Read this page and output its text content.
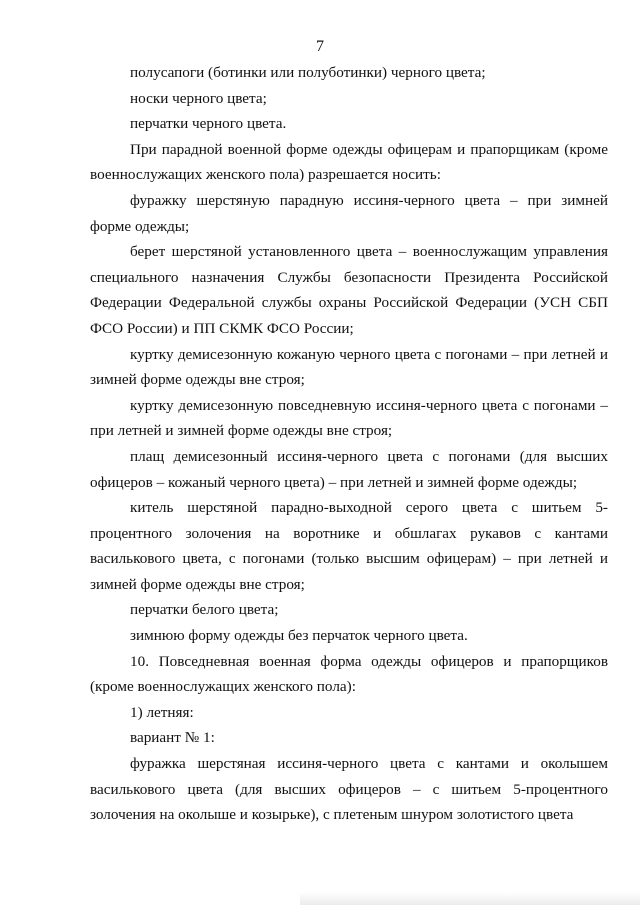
7

полусапоги (ботинки или полуботинки) черного цвета;

носки черного цвета;

перчатки черного цвета.

При парадной военной форме одежды офицерам и прапорщикам (кроме военнослужащих женского пола) разрешается носить:

фуражку шерстяную парадную иссиня-черного цвета – при зимней форме одежды;

берет шерстяной установленного цвета – военнослужащим управления специального назначения Службы безопасности Президента Российской Федерации Федеральной службы охраны Российской Федерации (УСН СБП ФСО России) и ПП СКМК ФСО России;

куртку демисезонную кожаную черного цвета с погонами – при летней и зимней форме одежды вне строя;

куртку демисезонную повседневную иссиня-черного цвета с погонами – при летней и зимней форме одежды вне строя;

плащ демисезонный иссиня-черного цвета с погонами (для высших офицеров – кожаный черного цвета) – при летней и зимней форме одежды;

китель шерстяной парадно-выходной серого цвета с шитьем 5-процентного золочения на воротнике и обшлагах рукавов с кантами василькового цвета, с погонами (только высшим офицерам) – при летней и зимней форме одежды вне строя;

перчатки белого цвета;

зимнюю форму одежды без перчаток черного цвета.

10. Повседневная военная форма одежды офицеров и прапорщиков (кроме военнослужащих женского пола):

1) летняя:

вариант № 1:

фуражка шерстяная иссиня-черного цвета с кантами и околышем василькового цвета (для высших офицеров – с шитьем 5-процентного золочения на околыше и козырьке), с плетеным шнуром золотистого цвета
